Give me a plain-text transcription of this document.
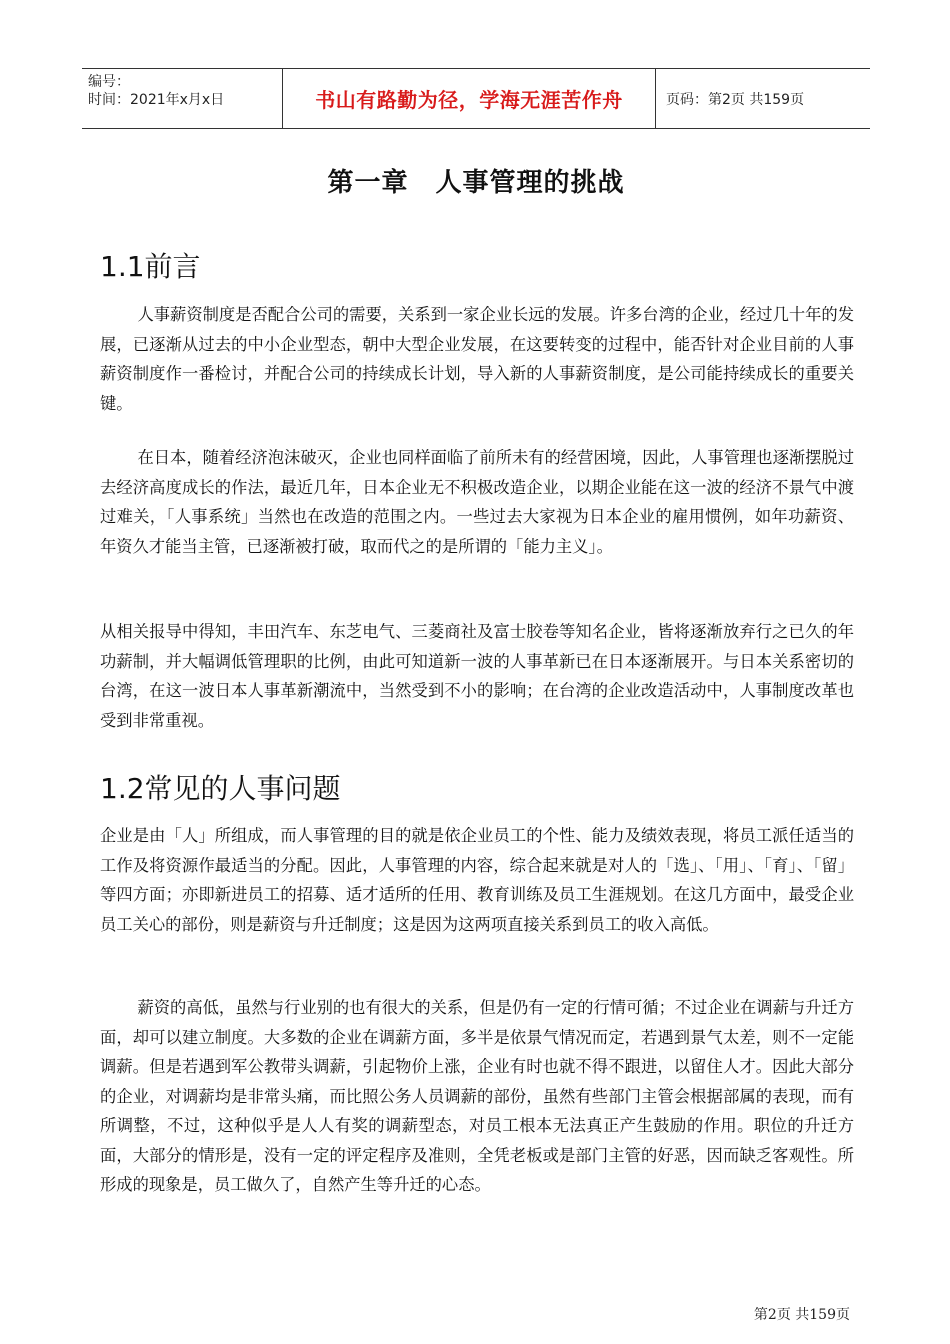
编号：
时间：2021年x月x日	书山有路勤为径，学海无涯苦作舟	页码：第2页 共159页
第一章　人事管理的挑战
1.1前言

人事薪资制度是否配合公司的需要，关系到一家企业长远的发展。许多台湾的企业，经过几十年的发展，已逐渐从过去的中小企业型态，朝中大型企业发展，在这要转变的过程中，能否针对企业目前的人事薪资制度作一番检讨，并配合公司的持续成长计划，导入新的人事薪资制度，是公司能持续成长的重要关键。

在日本，随着经济泡沫破灭，企业也同样面临了前所未有的经营困境，因此，人事管理也逐渐摆脱过去经济高度成长的作法，最近几年，日本企业无不积极改造企业，以期企业能在这一波的经济不景气中渡过难关，「人事系统」当然也在改造的范围之内。一些过去大家视为日本企业的雇用惯例，如年功薪资、年资久才能当主管，已逐渐被打破，取而代之的是所谓的「能力主义」。

从相关报导中得知，丰田汽车、东芝电气、三菱商社及富士胶卷等知名企业，皆将逐渐放弃行之已久的年功薪制，并大幅调低管理职的比例，由此可知道新一波的人事革新已在日本逐渐展开。与日本关系密切的台湾，在这一波日本人事革新潮流中，当然受到不小的影响；在台湾的企业改造活动中，人事制度改革也受到非常重视。

1.2常见的人事问题

企业是由「人」所组成，而人事管理的目的就是依企业员工的个性、能力及绩效表现，将员工派任适当的工作及将资源作最适当的分配。因此，人事管理的内容，综合起来就是对人的「选」、「用」、「育」、「留」等四方面；亦即新进员工的招募、适才适所的任用、教育训练及员工生涯规划。在这几方面中，最受企业员工关心的部份，则是薪资与升迁制度；这是因为这两项直接关系到员工的收入高低。

薪资的高低，虽然与行业别的也有很大的关系，但是仍有一定的行情可循；不过企业在调薪与升迁方面，却可以建立制度。大多数的企业在调薪方面，多半是依景气情况而定，若遇到景气太差，则不一定能调薪。但是若遇到军公教带头调薪，引起物价上涨，企业有时也就不得不跟进，以留住人才。因此大部分的企业，对调薪均是非常头痛，而比照公务人员调薪的部份，虽然有些部门主管会根据部属的表现，而有所调整，不过，这种似乎是人人有奖的调薪型态，对员工根本无法真正产生鼓励的作用。职位的升迁方面，大部分的情形是，没有一定的评定程序及准则，全凭老板或是部门主管的好恶，因而缺乏客观性。所形成的现象是，员工做久了，自然产生等升迁的心态。

第2页 共159页
